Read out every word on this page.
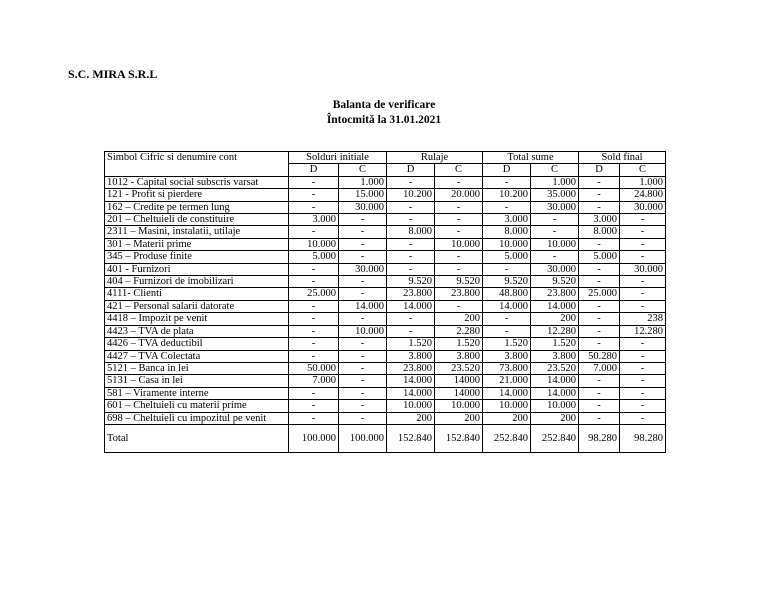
S.C. MIRA S.R.L
Balanta de verificare
Întocmită la 31.01.2021
Simbol Cifric si denumire cont	Solduri initiale		Rulaje		Total sume		Sold final	
	D	C	D	C	D	C	D	C
1012 - Capital social subscris varsat	-	1.000	-	-	-	1.000	-	1.000
121 - Profit si pierdere	-	15.000	10.200	20.000	10.200	35.000	-	24.800
162 – Credite pe termen lung	-	30.000	-	-	-	30.000	-	30.000
201 – Cheltuieli de constituire	3.000	-	-	-	3.000	-	3.000	-
2311 – Masini, instalatii, utilaje	-	-	8.000	-	8.000	-	8.000	-
301 – Materii prime	10.000	-	-	10.000	10.000	10.000	-	-
345 – Produse finite	5.000	-	-	-	5.000	-	5.000	-
401 - Furnizori	-	30.000	-	-	-	30.000	-	30.000
404 – Furnizori de imobilizari	-	-	9.520	9.520	9.520	9.520	-	-
4111- Clienti	25.000	-	23.800	23.800	48.800	23.800	25.000	-
421 – Personal salarii datorate	-	14.000	14.000	-	14.000	14.000	-	-
4418 – Impozit pe venit	-	-	-	200	-	200	-	238
4423 – TVA de plata	-	10.000	-	2.280	-	12.280	-	12.280
4426 – TVA deductibil	-	-	1.520	1.520	1.520	1.520	-	-
4427 – TVA Colectata	-	-	3.800	3.800	3.800	3.800	50.280	-
5121 – Banca in lei	50.000	-	23.800	23.520	73.800	23.520	7.000	-
5131 – Casa in lei	7.000	-	14.000	14000	21.000	14.000	-	-
581 – Viramente interne	-	-	14.000	14000	14.000	14.000	-	-
601 – Cheltuieli cu materii prime	-	-	10.000	10.000	10.000	10.000	-	-
698 – Cheltuieli cu impozitul pe venit	-	-	200	200	200	200	-	-
Total	100.000	100.000	152.840	152.840	252.840	252.840	98.280	98.280
